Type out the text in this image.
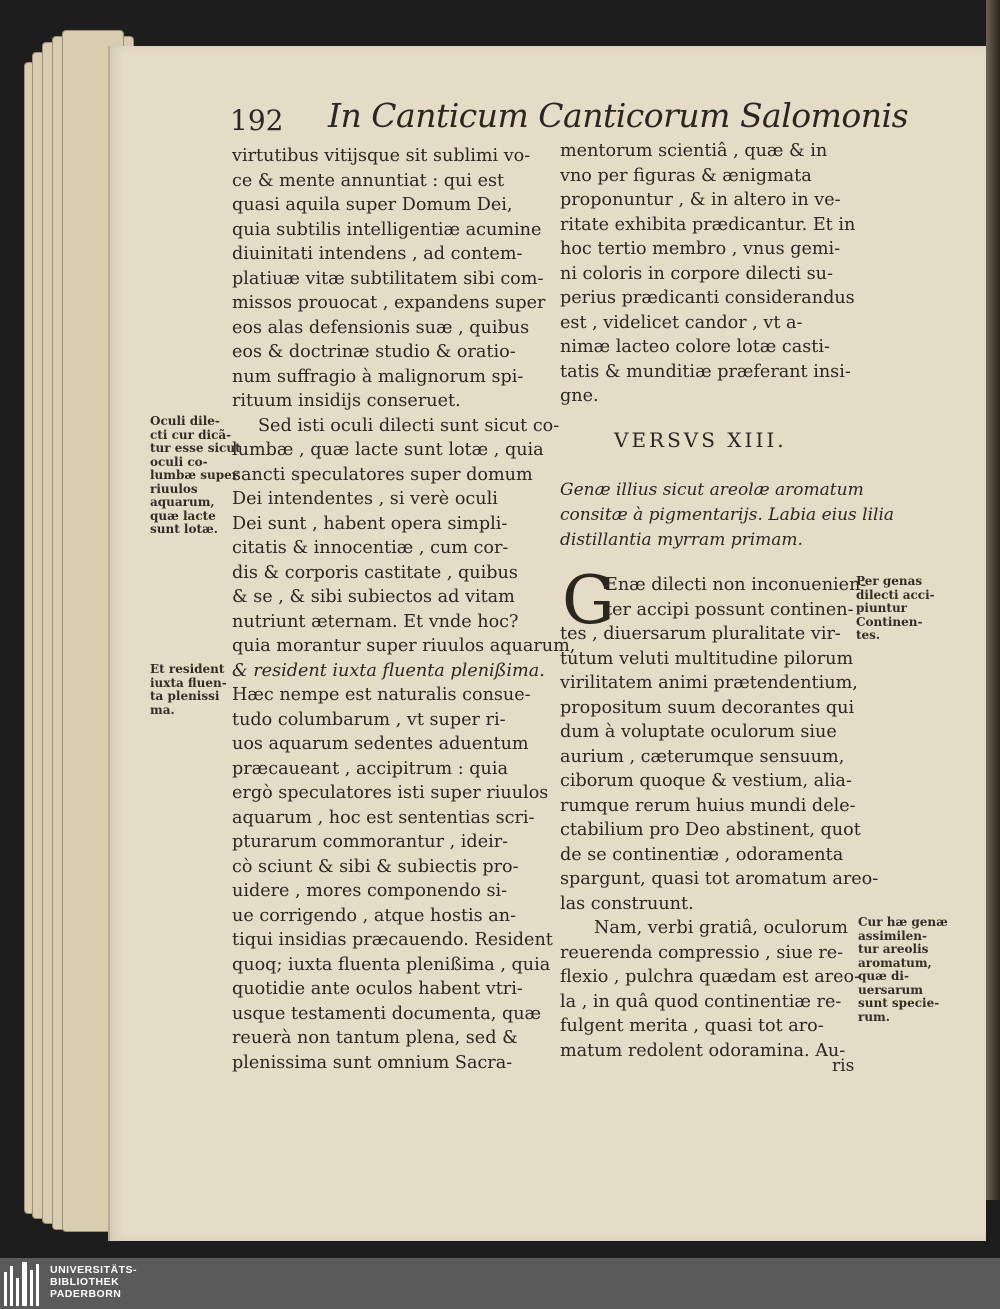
192 In Canticum Canticorum Salomonis
virtutibus vitijsque sit sublimi vo-
ce & mente annuntiat : qui est
quasi aquila super Domum Dei,
quia subtilis intelligentiæ acumine
diuinitati intendens , ad contem-
platiuæ vitæ subtilitatem sibi com-
missos prouocat , expandens super
eos alas defensionis suæ , quibus
eos & doctrinæ studio & oratio-
num suffragio à malignorum spi-
rituum insidijs conseruet.
Sed isti oculi dilecti sunt sicut co-
lumbæ , quæ lacte sunt lotæ , quia
sancti speculatores super domum
Dei intendentes , si verè oculi
Dei sunt , habent opera simpli-
citatis & innocentiæ , cum cor-
dis & corporis castitate , quibus
& se , & sibi subiectos ad vitam
nutriunt æternam. Et vnde hoc?
quia morantur super riuulos aquarum,
& resident iuxta fluenta plenißima.
Hæc nempe est naturalis consue-
tudo columbarum , vt super ri-
uos aquarum sedentes aduentum
præcaueant , accipitrum : quia
ergò speculatores isti super riuulos
aquarum , hoc est sententias scri-
pturarum commorantur , ideir-
cò sciunt & sibi & subiectis pro-
uidere , mores componendo si-
ue corrigendo , atque hostis an-
tiqui insidias præcauendo. Resident
quoq; iuxta fluenta plenißima , quia
quotidie ante oculos habent vtri-
usque testamenti documenta, quæ
reuerà non tantum plena, sed &
plenissima sunt omnium Sacra-
mentorum scientiâ , quæ & in
vno per figuras & ænigmata
proponuntur , & in altero in ve-
ritate exhibita prædicantur. Et in
hoc tertio membro , vnus gemi-
ni coloris in corpore dilecti su-
perius prædicanti considerandus
est , videlicet candor , vt a-
nimæ lacteo colore lotæ casti-
tatis & munditiæ præferant insi-
gne.
VERSVS XIII.
Genæ illius sicut areolæ aromatum
consitæ à pigmentarijs. Labia eius lilia
distillantia myrram primam.
G
Enæ dilecti non inconuenien-
ter accipi possunt continen-
tes , diuersarum pluralitate vir-
tutum veluti multitudine pilorum
virilitatem animi prætendentium,
propositum suum decorantes qui
dum à voluptate oculorum siue
aurium , cæterumque sensuum,
ciborum quoque & vestium, alia-
rumque rerum huius mundi dele-
ctabilium pro Deo abstinent, quot
de se continentiæ , odoramenta
spargunt, quasi tot aromatum areo-
las construunt.
Nam, verbi gratiâ, oculorum
reuerenda compressio , siue re-
flexio , pulchra quædam est areo-
la , in quâ quod continentiæ re-
fulgent merita , quasi tot aro-
matum redolent odoramina. Au-
ris
Oculi dile-
cti cur dicã-
tur esse sicut
oculi co-
lumbæ super
riuulos
aquarum,
quæ lacte
sunt lotæ.
Et resident
iuxta fluen-
ta plenissi
ma.
Per genas
dilecti acci-
piuntur
Continen-
tes.
Cur hæ genæ
assimilen-
tur areolis
aromatum,
quæ di-
uersarum
sunt specie-
rum.
UNIVERSITÄTS-
BIBLIOTHEK
PADERBORN
